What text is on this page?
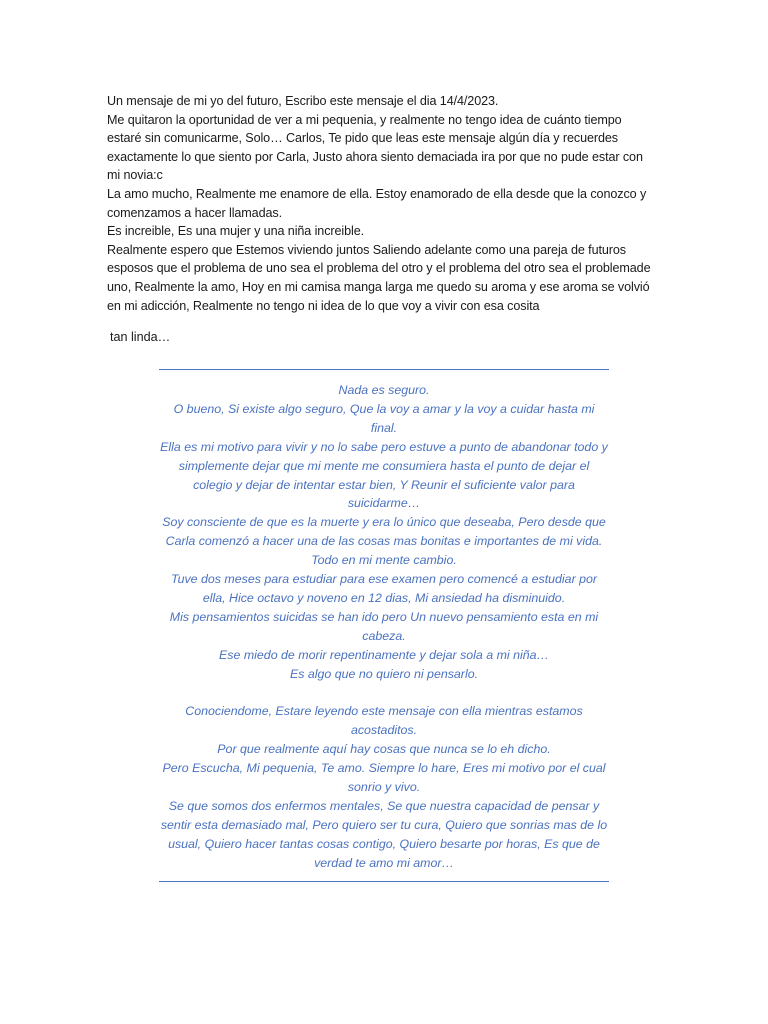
Un mensaje de mi yo del futuro, Escribo este mensaje el dia 14/4/2023.

Me quitaron la oportunidad de ver a mi pequenia, y realmente no tengo idea de cuánto tiempo estaré sin comunicarme, Solo… Carlos, Te pido que leas este mensaje algún día y recuerdes exactamente lo que siento por Carla, Justo ahora siento demaciada ira por que no pude estar con mi novia:c

La amo mucho, Realmente me enamore de ella. Estoy enamorado de ella desde que la conozco y comenzamos a hacer llamadas.

Es increible, Es una mujer y una niña increible.

Realmente espero que Estemos viviendo juntos Saliendo adelante como una pareja de futuros esposos que el problema de uno sea el problema del otro y el problema del otro sea el problemade uno, Realmente la amo, Hoy en mi camisa manga larga me quedo su aroma y ese aroma se volvió en mi adicción, Realmente no tengo ni idea de lo que voy a vivir con esa cosita

tan linda…

Nada es seguro.

O bueno, Si existe algo seguro, Que la voy a amar y la voy a cuidar hasta mi final.

Ella es mi motivo para vivir y no lo sabe pero estuve a punto de abandonar todo y simplemente dejar que mi mente me consumiera hasta el punto de dejar el colegio y dejar de intentar estar bien, Y Reunir el suficiente valor para suicidarme…

Soy consciente de que es la muerte y era lo único que deseaba, Pero desde que Carla comenzó a hacer una de las cosas mas bonitas e importantes de mi vida. Todo en mi mente cambio.

Tuve dos meses para estudiar para ese examen pero comencé a estudiar por ella, Hice octavo y noveno en 12 dias, Mi ansiedad ha disminuido.

Mis pensamientos suicidas se han ido pero Un nuevo pensamiento esta en mi cabeza.

Ese miedo de morir repentinamente y dejar sola a mi niña…

Es algo que no quiero ni pensarlo.

Conociendome, Estare leyendo este mensaje con ella mientras estamos acostaditos.

Por que realmente aquí hay cosas que nunca se lo eh dicho.

Pero Escucha, Mi pequenia, Te amo. Siempre lo hare, Eres mi motivo por el cual sonrio y vivo.

Se que somos dos enfermos mentales, Se que nuestra capacidad de pensar y sentir esta demasiado mal, Pero quiero ser tu cura, Quiero que sonrias mas de lo usual, Quiero hacer tantas cosas contigo, Quiero besarte por horas, Es que de verdad te amo mi amor…
